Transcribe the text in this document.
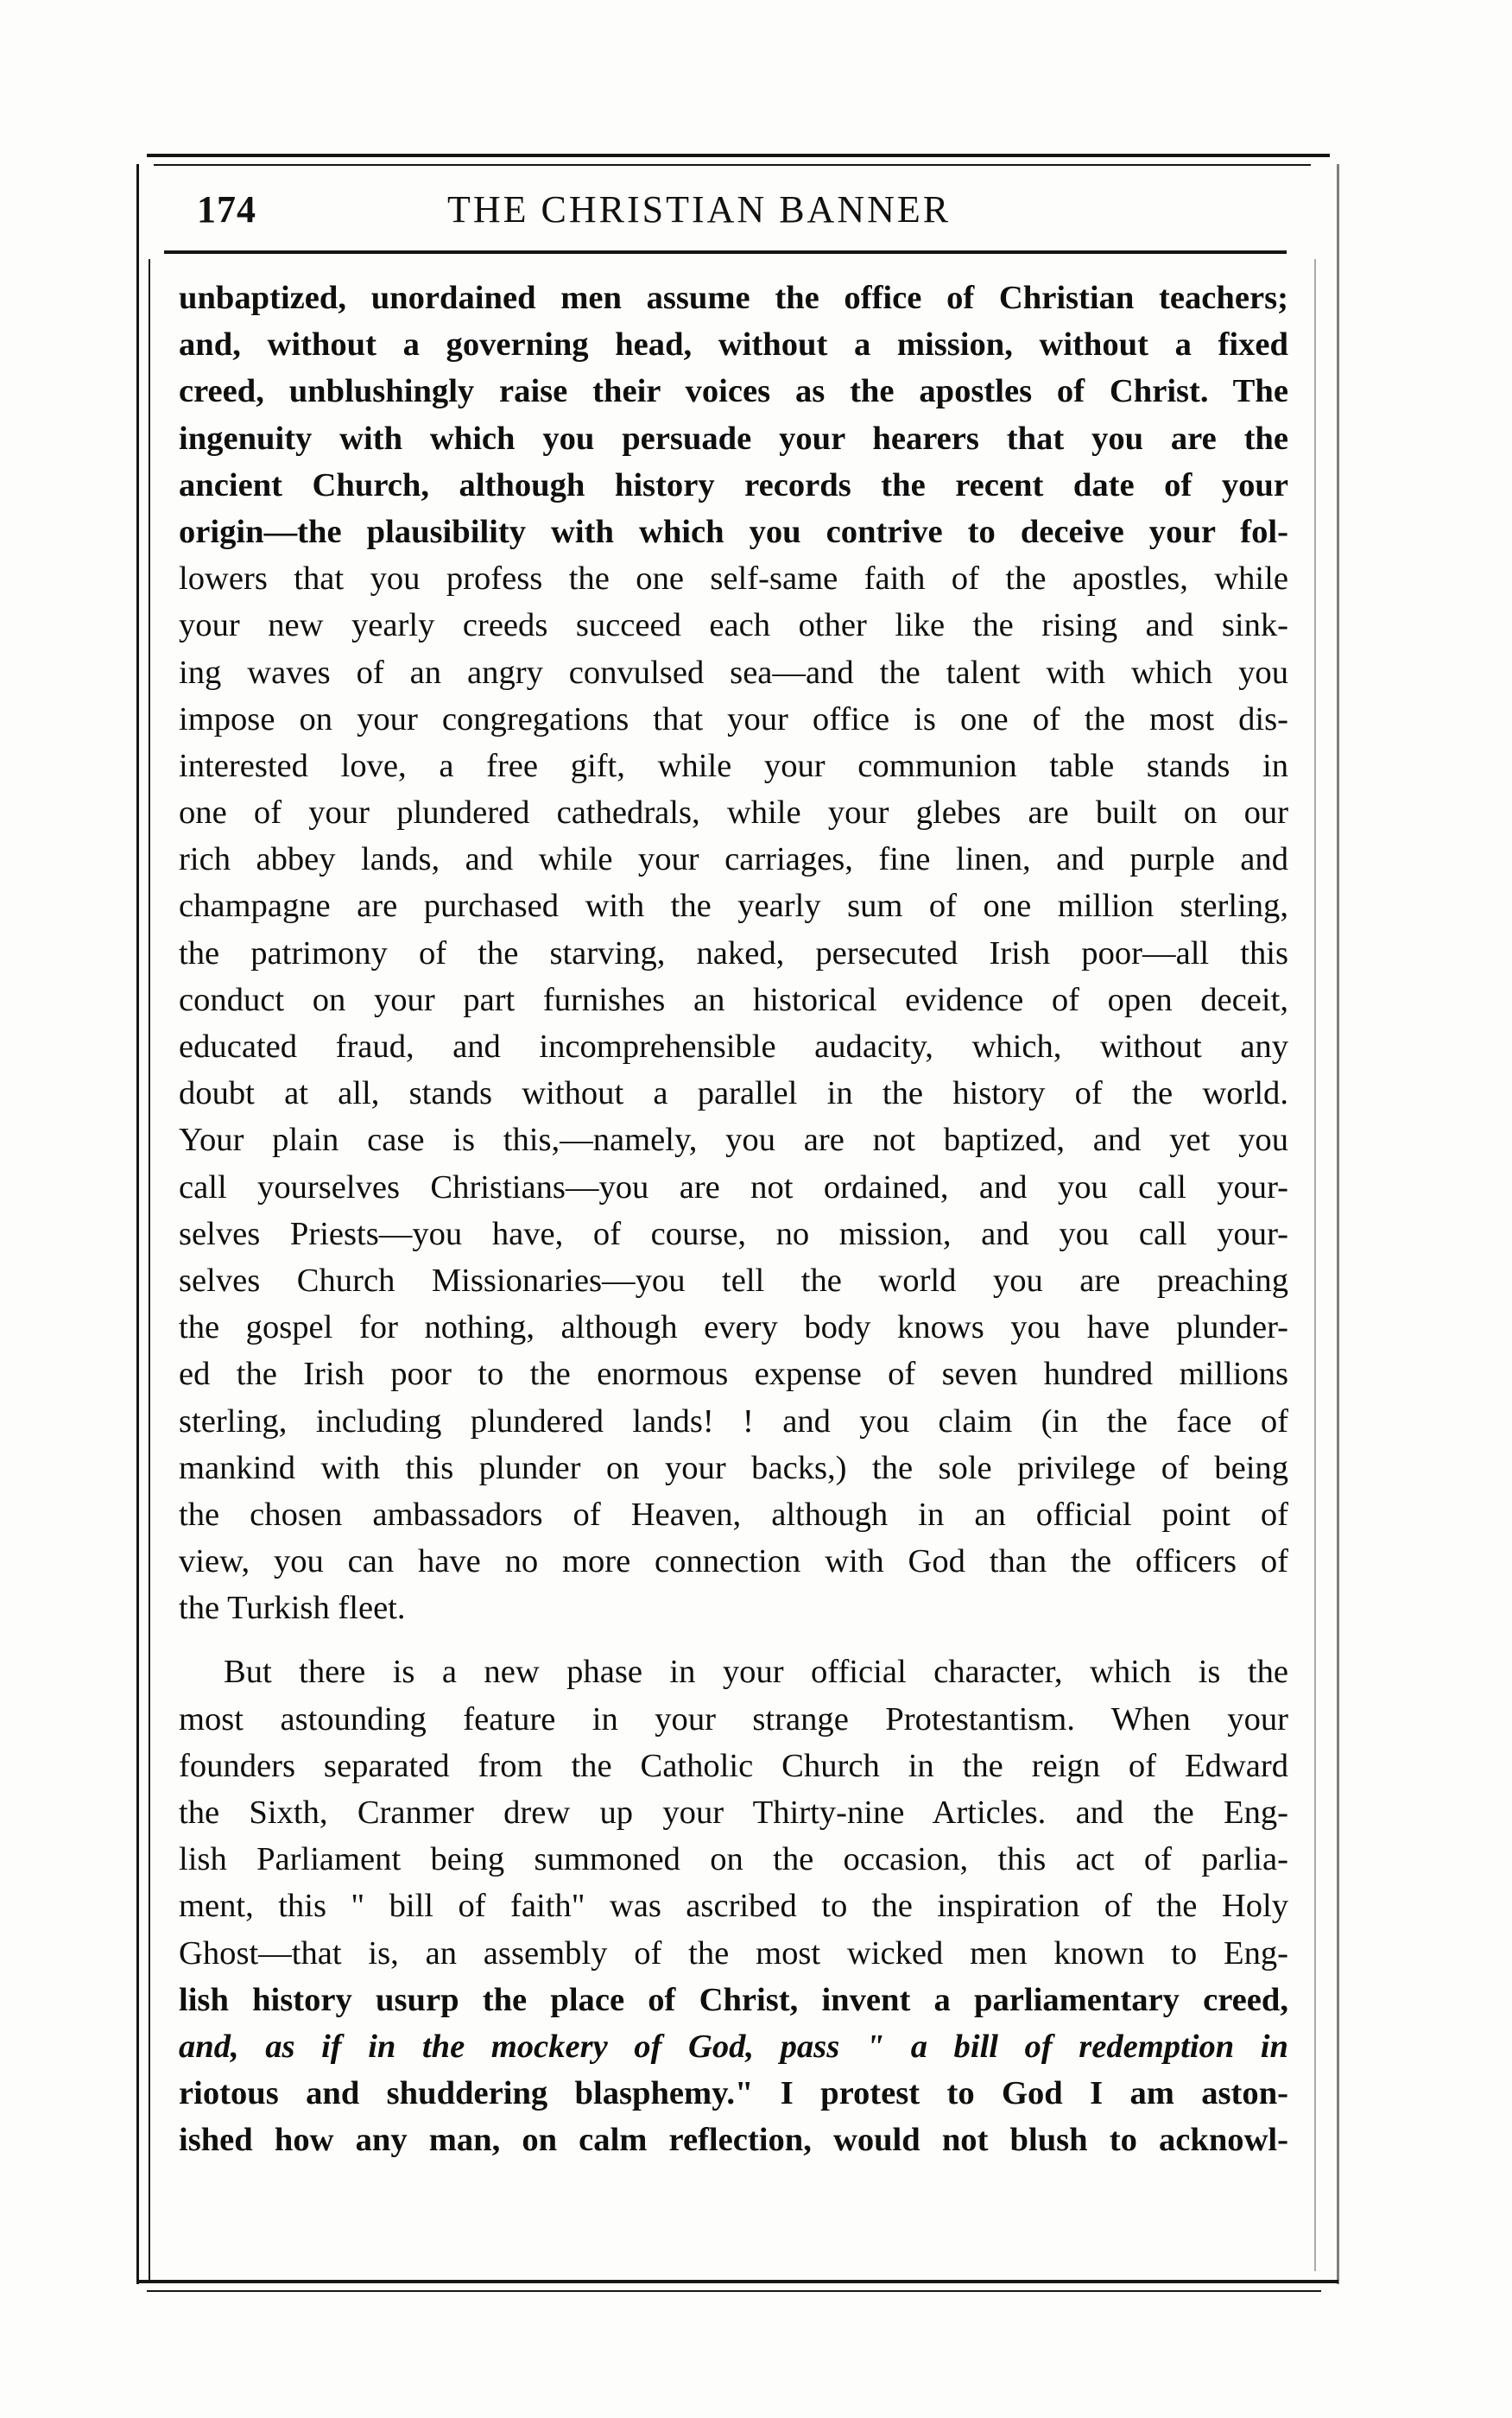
174	THE CHRISTIAN BANNER
unbaptized, unordained men assume the office of Christian teachers;
and, without a governing head, without a mission, without a fixed
creed, unblushingly raise their voices as the apostles of Christ. The
ingenuity with which you persuade your hearers that you are the
ancient Church, although history records the recent date of your
origin—the plausibility with which you contrive to deceive your fol-
lowers that you profess the one self-same faith of the apostles, while
your new yearly creeds succeed each other like the rising and sink-
ing waves of an angry convulsed sea—and the talent with which you
impose on your congregations that your office is one of the most dis-
interested love, a free gift, while your communion table stands in
one of your plundered cathedrals, while your glebes are built on our
rich abbey lands, and while your carriages, fine linen, and purple and
champagne are purchased with the yearly sum of one million sterling,
the patrimony of the starving, naked, persecuted Irish poor—all this
conduct on your part furnishes an historical evidence of open deceit,
educated fraud, and incomprehensible audacity, which, without any
doubt at all, stands without a parallel in the history of the world.
Your plain case is this,—namely, you are not baptized, and yet you
call yourselves Christians—you are not ordained, and you call your-
selves Priests—you have, of course, no mission, and you call your-
selves Church Missionaries—you tell the world you are preaching
the gospel for nothing, although every body knows you have plunder-
ed the Irish poor to the enormous expense of seven hundred millions
sterling, including plundered lands! ! and you claim (in the face of
mankind with this plunder on your backs,) the sole privilege of being
the chosen ambassadors of Heaven, although in an official point of
view, you can have no more connection with God than the officers of
the Turkish fleet.
But there is a new phase in your official character, which is the
most astounding feature in your strange Protestantism. When your
founders separated from the Catholic Church in the reign of Edward
the Sixth, Cranmer drew up your Thirty-nine Articles. and the Eng-
lish Parliament being summoned on the occasion, this act of parlia-
ment, this " bill of faith" was ascribed to the inspiration of the Holy
Ghost—that is, an assembly of the most wicked men known to Eng-
lish history usurp the place of Christ, invent a parliamentary creed,
and, as if in the mockery of God, pass " a bill of redemption in
riotous and shuddering blasphemy." I protest to God I am aston-
ished how any man, on calm reflection, would not blush to acknowl-
